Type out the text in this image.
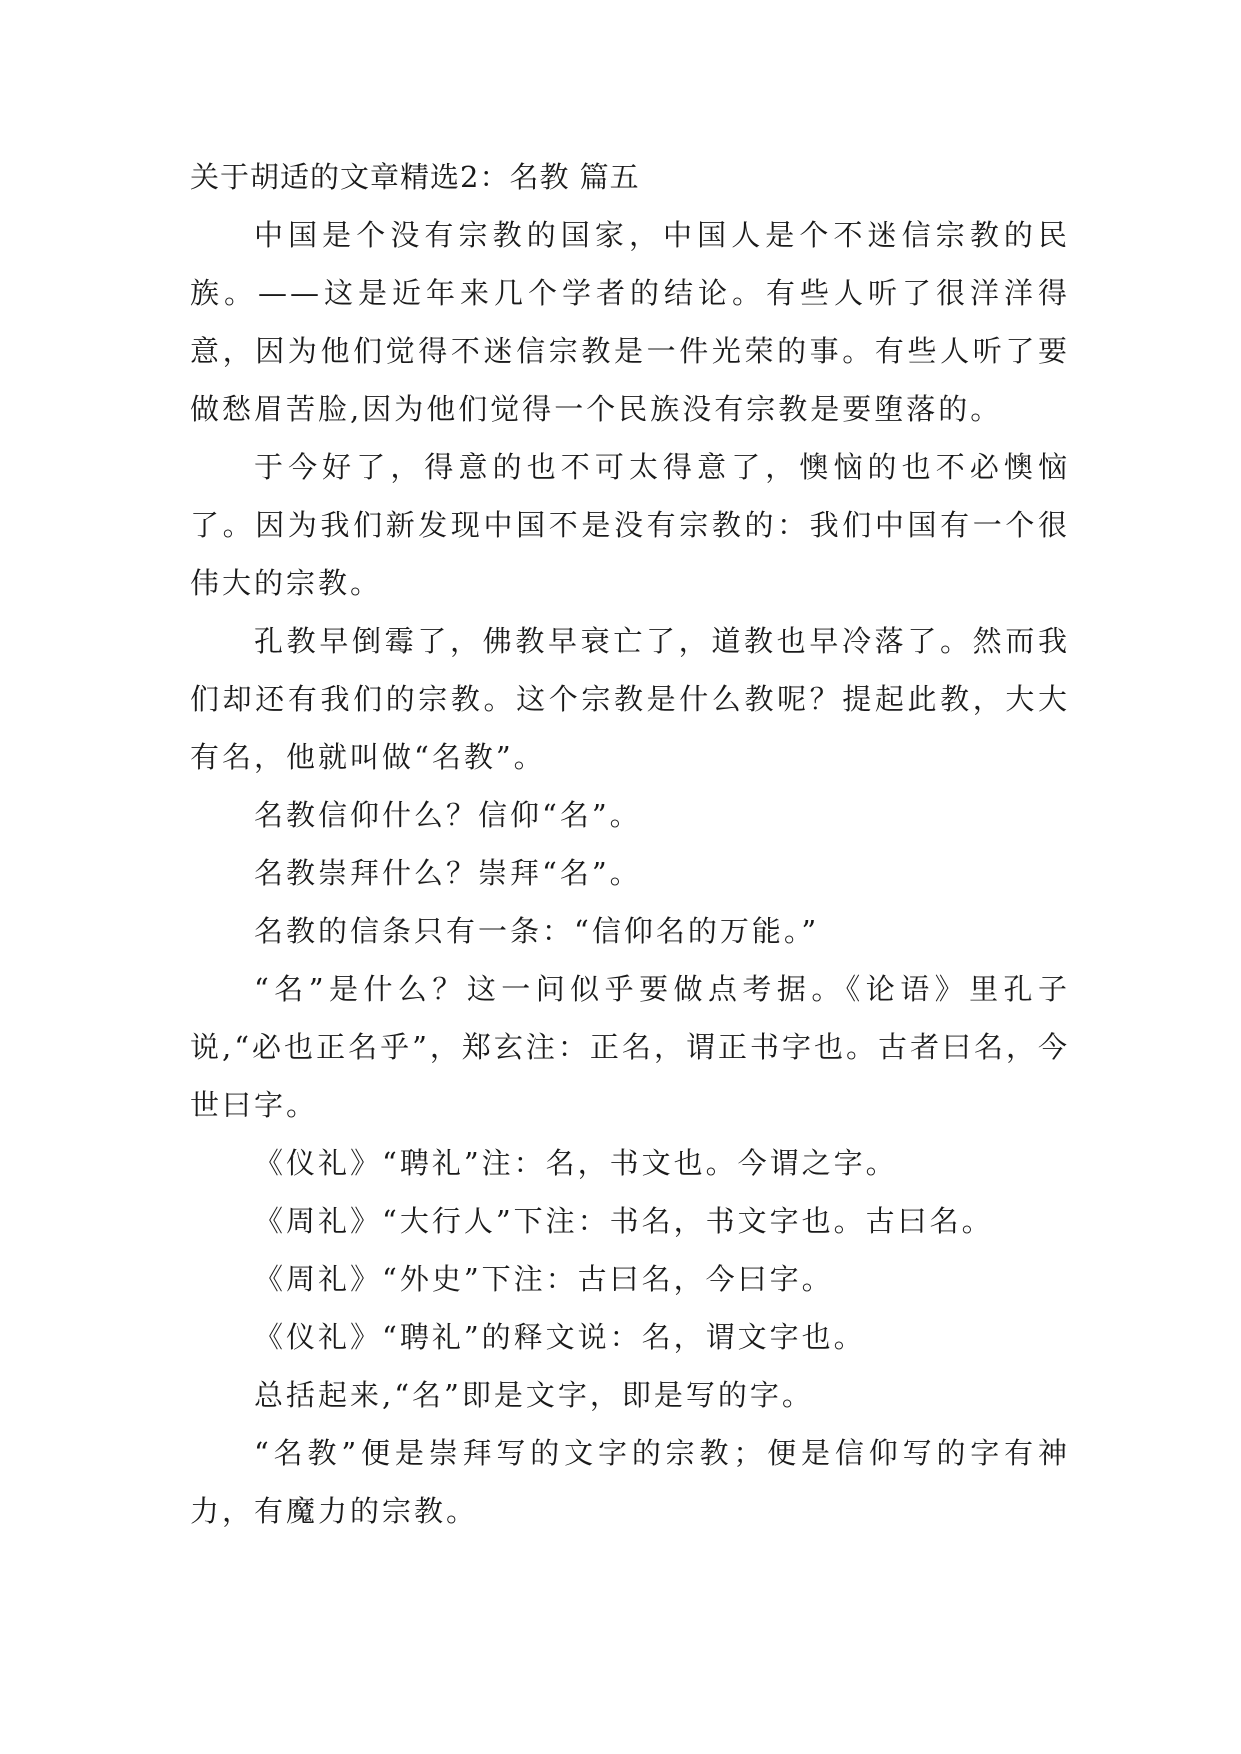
关于胡适的文章精选2：名教 篇五

中国是个没有宗教的国家，中国人是个不迷信宗教的民族。——这是近年来几个学者的结论。有些人听了很洋洋得意，因为他们觉得不迷信宗教是一件光荣的事。有些人听了要做愁眉苦脸,因为他们觉得一个民族没有宗教是要堕落的。

于今好了，得意的也不可太得意了，懊恼的也不必懊恼了。因为我们新发现中国不是没有宗教的：我们中国有一个很伟大的宗教。

孔教早倒霉了，佛教早衰亡了，道教也早冷落了。然而我们却还有我们的宗教。这个宗教是什么教呢？提起此教，大大有名，他就叫做“名教”。

名教信仰什么？信仰“名”。

名教崇拜什么？崇拜“名”。

名教的信条只有一条：“信仰名的万能。”

“名”是什么？这一问似乎要做点考据。《论语》里孔子说,“必也正名乎”，郑玄注：正名，谓正书字也。古者曰名，今世曰字。

《仪礼》“聘礼”注：名，书文也。今谓之字。

《周礼》“大行人”下注：书名，书文字也。古曰名。

《周礼》“外史”下注：古曰名，今曰字。

《仪礼》“聘礼”的释文说：名，谓文字也。

总括起来,“名”即是文字，即是写的字。

“名教”便是崇拜写的文字的宗教；便是信仰写的字有神力，有魔力的宗教。
